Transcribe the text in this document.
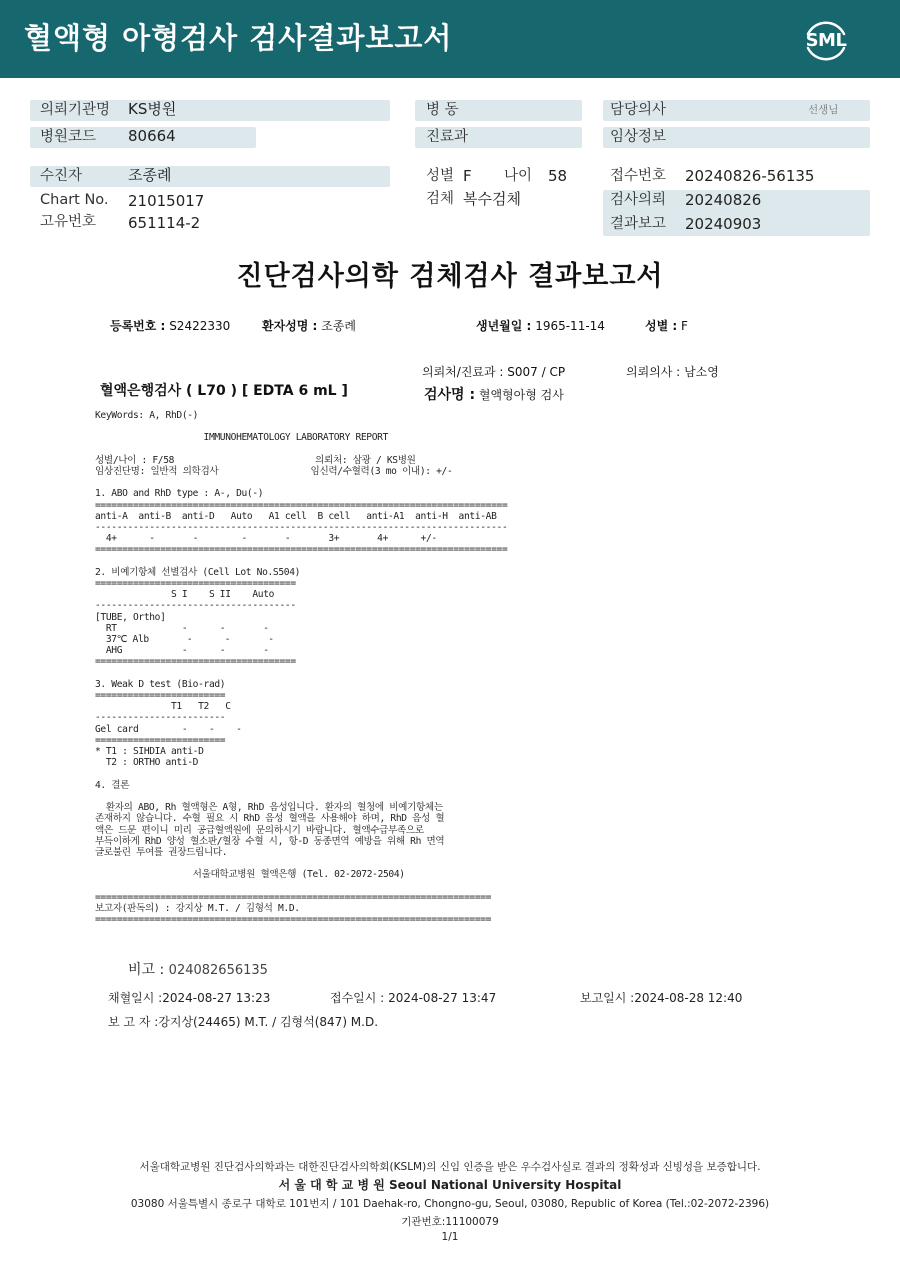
혈액형 아형검사 검사결과보고서	SML
의뢰기관명 KS병원	병 동	담당의사	선생님
병원코드 80664	진료과	임상정보
수진자	조종례	성별 F 나이 58	접수번호 20240826-56135
Chart No. 21015017	검체 복수검체	검사의뢰 20240826
고유번호 651114-2	결과보고 20240903
진단검사의학 검체검사 결과보고서
등록번호 : S2422330	환자성명 : 조종례	생년월일 : 1965-11-14	성별 : F
의뢰처/진료과 : S007 / CP	의뢰의사 : 남소영
혈액은행검사 ( L70 ) [ EDTA 6 mL ]	검사명 : 혈액형아형 검사
KeyWords: A, RhD(-)

IMMUNOHEMATOLOGY LABORATORY REPORT

성별/나이 : F/58                          의뢰처: 삼광 / KS병원
임상진단명: 일반적 의학검사                 임신력/수혈력(3 mo 이내): +/-

1. ABO and RhD type : A-, Du(-)
============================================================================
anti-A  anti-B  anti-D   Auto   A1 cell  B cell   anti-A1  anti-H  anti-AB
----------------------------------------------------------------------------
4+      -       -        -       -       3+       4+      +/-
============================================================================

2. 비예기항체 선별검사 (Cell Lot No.S504)
=====================================
S I    S II    Auto
-------------------------------------
[TUBE, Ortho]
RT            -      -       -
37℃ Alb       -      -       -
AHG           -      -       -
=====================================

3. Weak D test (Bio-rad)
========================
T1   T2   C
------------------------
Gel card        -    -    -
========================
* T1 : SIHDIA anti-D
T2 : ORTHO anti-D

4. 결론

환자의 ABO, Rh 혈액형은 A형, RhD 음성입니다. 환자의 혈청에 비예기항체는
존재하지 않습니다. 수혈 필요 시 RhD 음성 혈액을 사용해야 하며, RhD 음성 혈
액은 드문 편이니 미리 공급혈액원에 문의하시기 바랍니다. 혈액수급부족으로
부득이하게 RhD 양성 혈소판/혈장 수혈 시, 항-D 동종면역 예방을 위해 Rh 면역
글로불린 투여를 권장드립니다.

서울대학교병원 혈액은행 (Tel. 02-2072-2504)

=========================================================================
보고자(판독의) : 강지상 M.T. / 김형석 M.D.
=========================================================================
비고 : 024082656135
채혈일시 :2024-08-27 13:23	접수일시 : 2024-08-27 13:47	보고일시 :2024-08-28 12:40
보 고 자 :강지상(24465) M.T. / 김형석(847) M.D.
서울대학교병원 진단검사의학과는 대한진단검사의학회(KSLM)의 신임 인증을 받은 우수검사실로 결과의 정확성과 신빙성을 보증합니다.
서 울 대 학 교 병 원 Seoul National University Hospital
03080 서울특별시 종로구 대학로 101번지 / 101 Daehak-ro, Chongno-gu, Seoul, 03080, Republic of Korea (Tel.:02-2072-2396)
기관번호:11100079
1/1
